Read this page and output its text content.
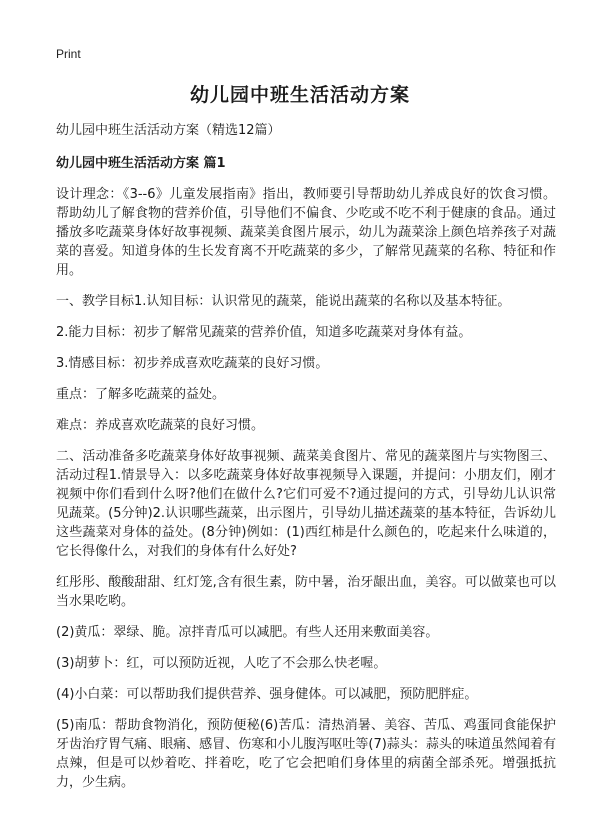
Print
幼儿园中班生活活动方案

幼儿园中班生活活动方案（精选12篇）

幼儿园中班生活活动方案 篇1

设计理念：《3--6》儿童发展指南》指出，教师要引导帮助幼儿养成良好的饮食习惯。帮助幼儿了解食物的营养价值，引导他们不偏食、少吃或不吃不利于健康的食品。通过播放多吃蔬菜身体好故事视频、蔬菜美食图片展示，幼儿为蔬菜涂上颜色培养孩子对蔬菜的喜爱。知道身体的生长发育离不开吃蔬菜的多少，了解常见蔬菜的名称、特征和作用。

一、教学目标1.认知目标：认识常见的蔬菜，能说出蔬菜的名称以及基本特征。

2.能力目标：初步了解常见蔬菜的营养价值，知道多吃蔬菜对身体有益。

3.情感目标：初步养成喜欢吃蔬菜的良好习惯。

重点：了解多吃蔬菜的益处。

难点：养成喜欢吃蔬菜的良好习惯。

二、活动准备多吃蔬菜身体好故事视频、蔬菜美食图片、常见的蔬菜图片与实物图三、活动过程1.情景导入：以多吃蔬菜身体好故事视频导入课题，并提问：小朋友们，刚才视频中你们看到什么呀?他们在做什么?它们可爱不?通过提问的方式，引导幼儿认识常见蔬菜。(5分钟)2.认识哪些蔬菜，出示图片，引导幼儿描述蔬菜的基本特征，告诉幼儿这些蔬菜对身体的益处。(8分钟)例如：(1)西红柿是什么颜色的，吃起来什么味道的，它长得像什么，对我们的身体有什么好处?

红彤彤、酸酸甜甜、红灯笼,含有很生素，防中暑，治牙龈出血，美容。可以做菜也可以当水果吃哟。

(2)黄瓜：翠绿、脆。凉拌青瓜可以减肥。有些人还用来敷面美容。

(3)胡萝卜：红，可以预防近视，人吃了不会那么快老喔。

(4)小白菜：可以帮助我们提供营养、强身健体。可以减肥，预防肥胖症。

(5)南瓜：帮助食物消化，预防便秘(6)苦瓜：清热消暑、美容、苦瓜、鸡蛋同食能保护牙齿治疗胃气痛、眼痛、感冒、伤寒和小儿腹泻呕吐等(7)蒜头：蒜头的味道虽然闻着有点辣，但是可以炒着吃、拌着吃，吃了它会把咱们身体里的病菌全部杀死。增强抵抗力，少生病。
